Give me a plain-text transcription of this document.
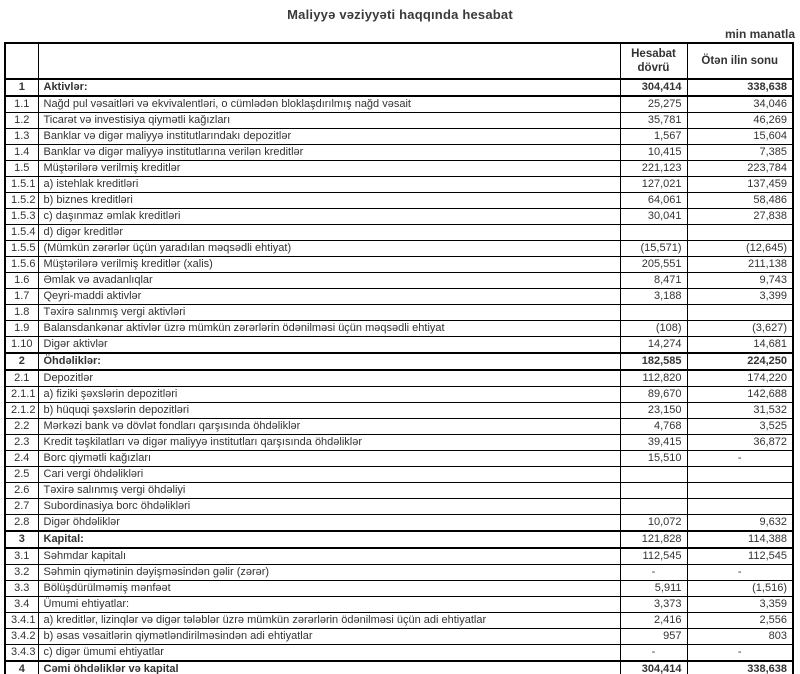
Maliyyə vəziyyəti haqqında hesabat
min manatla
		Hesabat dövrü	Ötən ilin sonu
1	Aktivlər:	304,414	338,638
1.1	Nağd pul vəsaitləri və ekvivalentləri, o cümlədən bloklaşdırılmış nağd vəsait	25,275	34,046
1.2	Ticarət və investisiya qiymətli kağızları	35,781	46,269
1.3	Banklar və digər maliyyə institutlarındakı depozitlər	1,567	15,604
1.4	Banklar və digər maliyyə institutlarına verilən kreditlər	10,415	7,385
1.5	Müştərilərə verilmiş kreditlər	221,123	223,784
1.5.1	a) istehlak kreditləri	127,021	137,459
1.5.2	b) biznes kreditləri	64,061	58,486
1.5.3	c) daşınmaz əmlak kreditləri	30,041	27,838
1.5.4	d) digər kreditlər		
1.5.5	(Mümkün zərərlər üçün yaradılan məqsədli ehtiyat)	(15,571)	(12,645)
1.5.6	Müştərilərə verilmiş kreditlər (xalis)	205,551	211,138
1.6	Əmlak və avadanlıqlar	8,471	9,743
1.7	Qeyri-maddi aktivlər	3,188	3,399
1.8	Təxirə salınmış vergi aktivləri		
1.9	Balansdankənar aktivlər üzrə mümkün zərərlərin ödənilməsi üçün məqsədli ehtiyat	(108)	(3,627)
1.10	Digər aktivlər	14,274	14,681
2	Öhdəliklər:	182,585	224,250
2.1	Depozitlər	112,820	174,220
2.1.1	a) fiziki şəxslərin depozitləri	89,670	142,688
2.1.2	b) hüquqi şəxslərin depozitləri	23,150	31,532
2.2	Mərkəzi bank və dövlət fondları qarşısında öhdəliklər	4,768	3,525
2.3	Kredit təşkilatları və digər maliyyə institutları qarşısında öhdəliklər	39,415	36,872
2.4	Borc qiymətli kağızları	15,510	-
2.5	Cari vergi öhdəlikləri		
2.6	Təxirə salınmış vergi öhdəliyi		
2.7	Subordinasiya borc öhdəlikləri		
2.8	Digər öhdəliklər	10,072	9,632
3	Kapital:	121,828	114,388
3.1	Səhmdar kapitalı	112,545	112,545
3.2	Səhmin qiymətinin dəyişməsindən gəlir (zərər)	-	-
3.3	Bölüşdürülməmiş mənfəət	5,911	(1,516)
3.4	Ümumi ehtiyatlar:	3,373	3,359
3.4.1	a) kreditlər, lizinqlər və digər tələblər üzrə mümkün zərərlərin ödənilməsi üçün adi ehtiyatlar	2,416	2,556
3.4.2	b) əsas vəsaitlərin qiymətləndirilməsindən adi ehtiyatlar	957	803
3.4.3	c) digər ümumi ehtiyatlar	-	-
4	Cəmi öhdəliklər və kapital	304,414	338,638
